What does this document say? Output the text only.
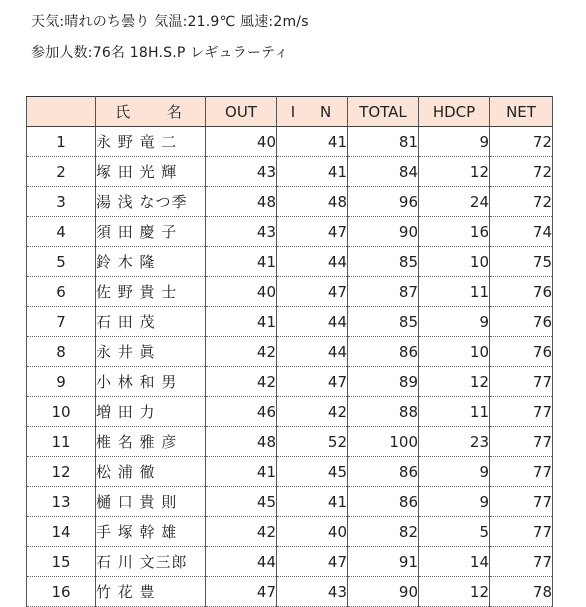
天気:晴れのち曇り 気温:21.9℃ 風速:2m/s
参加人数:76名 18H.S.P レギュラーティ
	氏 名	OUT	I N	TOTAL	HDCP	NET
1	永 野 竜 二	40	41	81	9	72
2	塚 田 光 輝	43	41	84	12	72
3	湯 浅 なつ季	48	48	96	24	72
4	須 田 慶 子	43	47	90	16	74
5	鈴 木 隆	41	44	85	10	75
6	佐 野 貴 士	40	47	87	11	76
7	石 田 茂	41	44	85	9	76
8	永 井 眞	42	44	86	10	76
9	小 林 和 男	42	47	89	12	77
10	増 田 力	46	42	88	11	77
11	椎 名 雅 彦	48	52	100	23	77
12	松 浦 徹	41	45	86	9	77
13	樋 口 貴 則	45	41	86	9	77
14	手 塚 幹 雄	42	40	82	5	77
15	石 川 文三郎	44	47	91	14	77
16	竹 花 豊	47	43	90	12	78
